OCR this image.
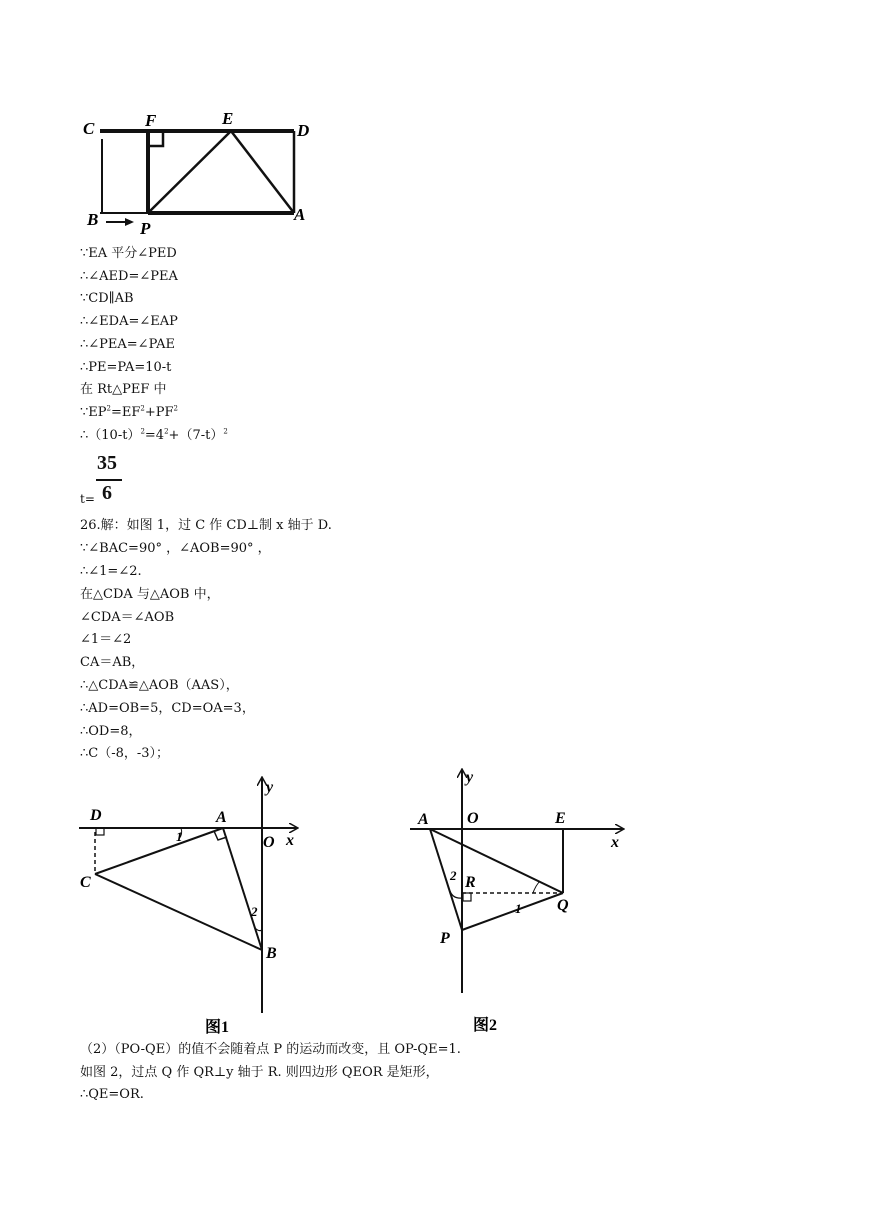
C	F	E
D
B P
A
∵EA 平分∠PED
∴∠AED=∠PEA
∵CD∥AB
∴∠EDA=∠EAP
∴∠PEA=∠PAE
∴PE=PA=10-t
在 Rt△PEF 中
$\because EP^2=EF^2+PF^2$
$\therefore(10-t)^2=4^2+(7-t)^2$
35
6
t=
26.解：如图 1，过 C 作 CD⊥制 x 轴于 D.
∵∠BAC=90° ，∠AOB=90° ，
∴∠1=∠2.
在△CDA 与△AOB 中，
∠CDA＝∠AOB
∠1＝∠2
CA＝AB，
∴△CDA≌△AOB（AAS），
∴AD=OB=5，CD=OA=3，
∴OD=8，
∴C（-8，-3）；
y
x
D	A
O
C
B
1
2
图1
y
x
A O	E
R
Q
P
1
2
图2
（2）（PO-QE）的值不会随着点 P 的运动而改变，且 OP-QE=1.
如图 2，过点 Q 作 QR⊥y 轴于 R. 则四边形 QEOR 是矩形，
∴QE=OR.
